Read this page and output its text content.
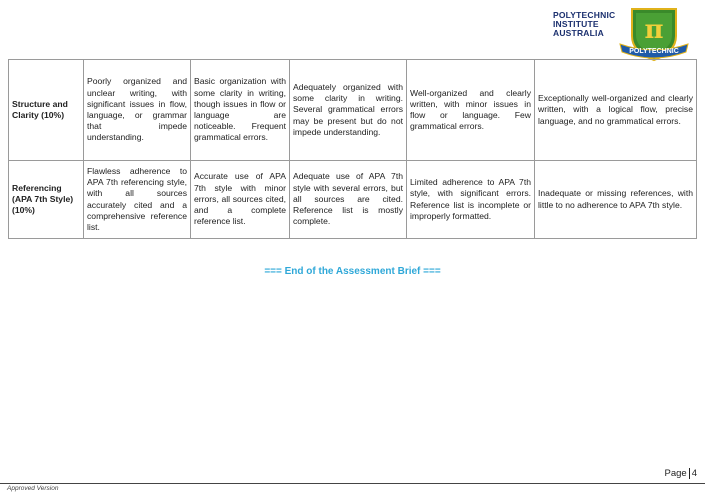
POLYTECHNIC
INSTITUTE
AUSTRALIA	π
POLYTECHNIC
Structure and Clarity (10%)	Poorly organized and unclear writing, with significant issues in flow, language, or grammar that impede understanding.	Basic organization with some clarity in writing, though issues in flow or language are noticeable. Frequent grammatical errors.	Adequately organized with some clarity in writing. Several grammatical errors may be present but do not impede understanding.	Well-organized and clearly written, with minor issues in flow or language. Few grammatical errors.	Exceptionally well-organized and clearly written, with a logical flow, precise language, and no grammatical errors.
Referencing (APA 7th Style) (10%)	Flawless adherence to APA 7th referencing style, with all sources accurately cited and a comprehensive reference list.	Accurate use of APA 7th style with minor errors, all sources cited, and a complete reference list.	Adequate use of APA 7th style with several errors, but all sources are cited. Reference list is mostly complete.	Limited adherence to APA 7th style, with significant errors. Reference list is incomplete or improperly formatted.	Inadequate or missing references, with little to no adherence to APA 7th style.
=== End of the Assessment Brief ===
Page 4
Approved Version
